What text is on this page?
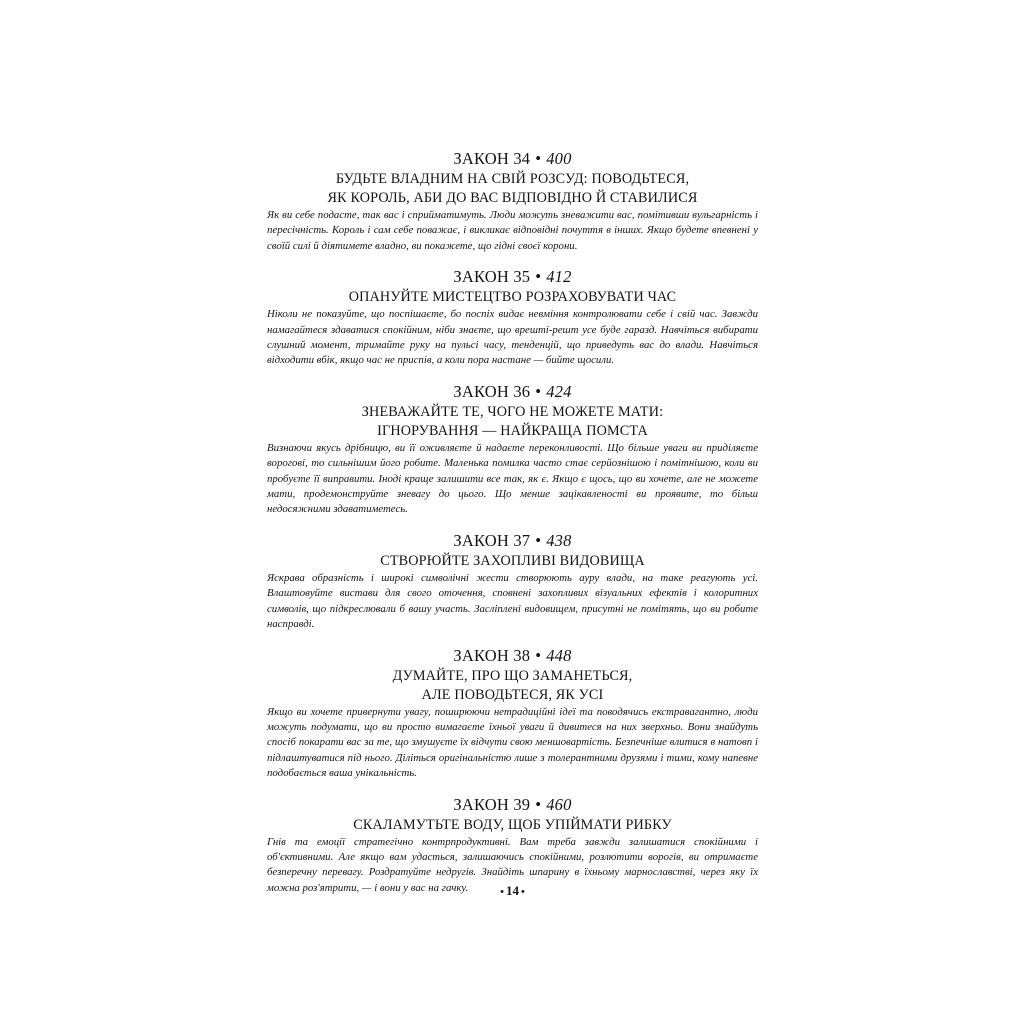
ЗАКОН 34 • 400

БУДЬТЕ ВЛАДНИМ НА СВІЙ РОЗСУД: ПОВОДЬТЕСЯ,

ЯК КОРОЛЬ, АБИ ДО ВАС ВІДПОВІДНО Й СТАВИЛИСЯ

Як ви себе подасте, так вас і сприйматимуть. Люди можуть зневажити вас, помітивши вульгарність і пересічність. Король і сам себе поважає, і викликає відповідні почуття в інших. Якщо будете впевнені у своїй силі й діятимете владно, ви покажете, що гідні своєї корони.

ЗАКОН 35 • 412

ОПАНУЙТЕ МИСТЕЦТВО РОЗРАХОВУВАТИ ЧАС

Ніколи не показуйте, що поспішаєте, бо поспіх видає невміння контролювати себе і свій час. Завжди намагайтеся здаватися спокійним, ніби знаєте, що врешті-решт усе буде гаразд. Навчіться вибирати слушний момент, тримайте руку на пульсі часу, тенденцій, що приведуть вас до влади. Навчіться відходити вбік, якщо час не приспів, а коли пора настане — бийте щосили.

ЗАКОН 36 • 424

ЗНЕВАЖАЙТЕ ТЕ, ЧОГО НЕ МОЖЕТЕ МАТИ:

ІГНОРУВАННЯ — НАЙКРАЩА ПОМСТА

Визнаючи якусь дрібницю, ви її оживляєте й надаєте переконливості. Що більше уваги ви приділяєте ворогові, то сильнішим його робите. Маленька помилка часто стає серйознішою і помітнішою, коли ви пробуєте її виправити. Іноді краще залишити все так, як є. Якщо є щось, що ви хочете, але не можете мати, продемонструйте зневагу до цього. Що менше зацікавленості ви проявите, то більш недосяжними здаватиметесь.

ЗАКОН 37 • 438

СТВОРЮЙТЕ ЗАХОПЛИВІ ВИДОВИЩА

Яскрава образність і широкі символічні жести створюють ауру влади, на таке реагують усі. Влаштовуйте вистави для свого оточення, сповнені захопливих візуальних ефектів і колоритних символів, що підкреслювали б вашу участь. Засліплені видовищем, присутні не помітять, що ви робите насправді.

ЗАКОН 38 • 448

ДУМАЙТЕ, ПРО ЩО ЗАМАНЕТЬСЯ,

АЛЕ ПОВОДЬТЕСЯ, ЯК УСІ

Якщо ви хочете привернути увагу, поширюючи нетрадиційні ідеї та поводячись екстравагантно, люди можуть подумати, що ви просто вимагаєте їхньої уваги й дивитеся на них зверхньо. Вони знайдуть спосіб покарати вас за те, що змушуєте їх відчути свою меншовартість. Безпечніше влитися в натовп і підлаштуватися під нього. Діліться оригінальністю лише з толерантними друзями і тими, кому напевне подобається ваша унікальність.

ЗАКОН 39 • 460

СКАЛАМУТЬТЕ ВОДУ, ЩОБ УПІЙМАТИ РИБКУ

Гнів та емоції стратегічно контрпродуктивні. Вам треба завжди залишатися спокійними і об'єктивними. Але якщо вам удасться, залишаючись спокійними, розлютити ворогів, ви отримаєте безперечну перевагу. Роздратуйте недругів. Знайдіть шпарину в їхньому марнославстві, через яку їх можна роз'ятрити, — і вони у вас на гачку.	• 14 •
